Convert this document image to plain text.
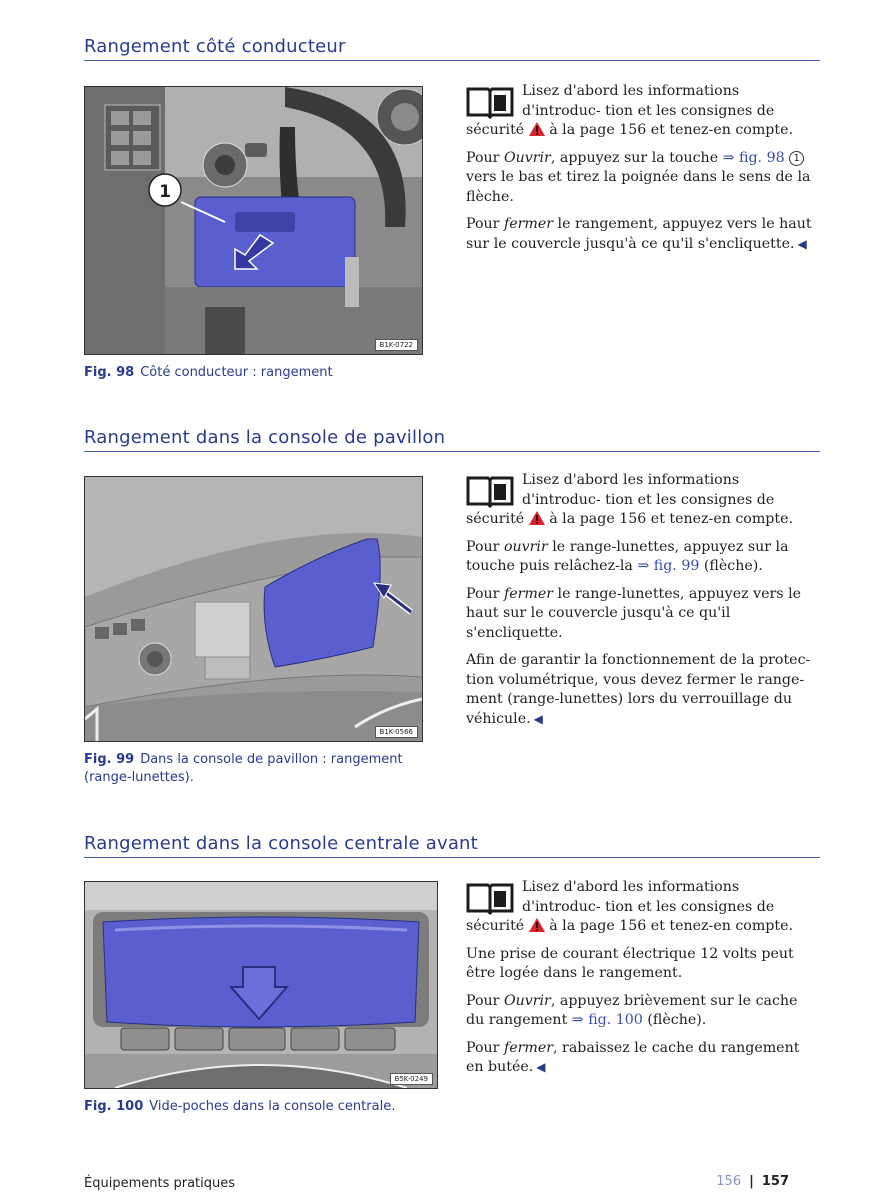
Rangement côté conducteur
1
B1K-0722
Fig. 98 Côté conducteur : rangement

Lisez d'abord les informations d'introduc- tion et les consignes de sécurité à la page 156 et tenez-en compte.

Pour Ouvrir, appuyez sur la touche ⇒ fig. 98 1 vers le bas et tirez la poignée dans le sens de la flèche.

Pour fermer le rangement, appuyez vers le haut sur le couvercle jusqu'à ce qu'il s'encliquette. ◀

Rangement dans la console de pavillon
B1K-0566
Fig. 99 Dans la console de pavillon : rangement (range-lunettes).

Lisez d'abord les informations d'introduc- tion et les consignes de sécurité à la page 156 et tenez-en compte.

Pour ouvrir le range-lunettes, appuyez sur la touche puis relâchez-la ⇒ fig. 99 (flèche).

Pour fermer le range-lunettes, appuyez vers le haut sur le couvercle jusqu'à ce qu'il s'encliquette.

Afin de garantir la fonctionnement de la protec- tion volumétrique, vous devez fermer le range- ment (range-lunettes) lors du verrouillage du véhicule. ◀

Rangement dans la console centrale avant
B5K-0249
Fig. 100 Vide-poches dans la console centrale.

Lisez d'abord les informations d'introduc- tion et les consignes de sécurité à la page 156 et tenez-en compte.

Une prise de courant électrique 12 volts peut être logée dans le rangement.

Pour Ouvrir, appuyez brièvement sur le cache du rangement ⇒ fig. 100 (flèche).

Pour fermer, rabaissez le cache du rangement en butée. ◀

Équipements pratiques	156 | 157
